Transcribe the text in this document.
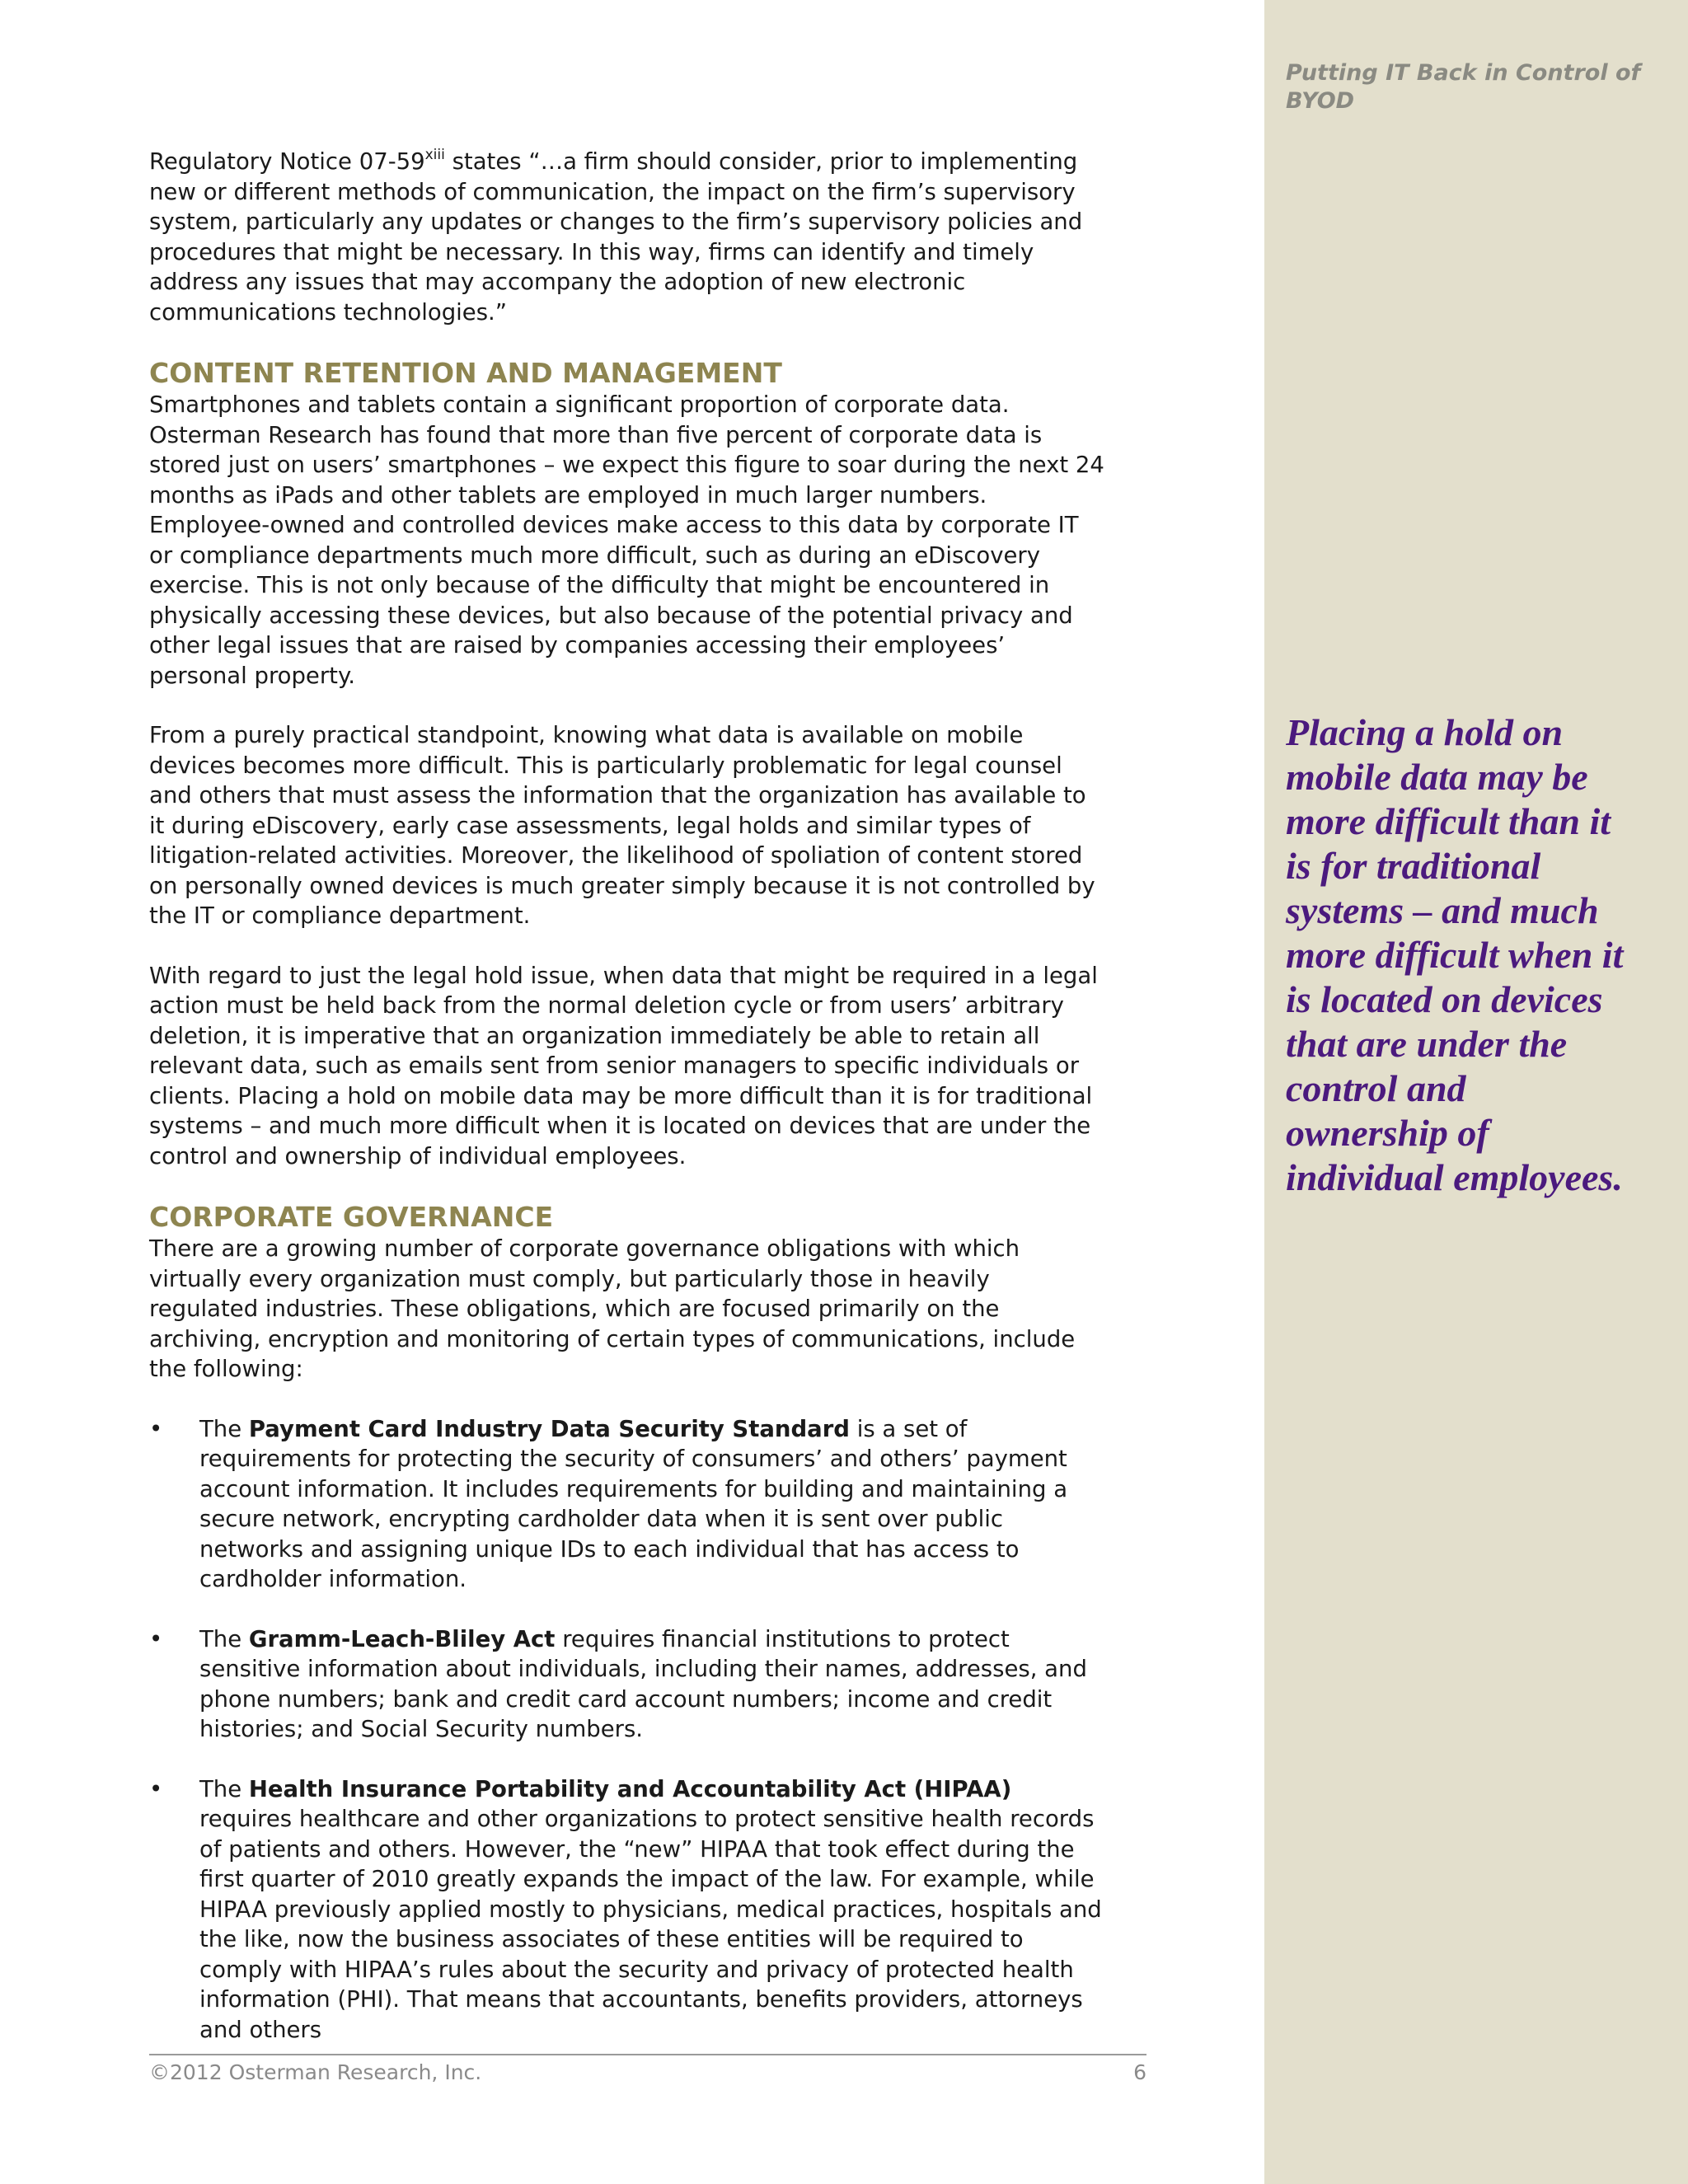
Putting IT Back in Control of BYOD
Placing a hold on mobile data may be more difficult than it is for traditional systems – and much more difficult when it is located on devices that are under the control and ownership of individual employees.

Regulatory Notice 07-59$^{xiii}$ states “…a firm should consider, prior to implementing new or different methods of communication, the impact on the firm’s supervisory system, particularly any updates or changes to the firm’s supervisory policies and procedures that might be necessary. In this way, firms can identify and timely address any issues that may accompany the adoption of new electronic communications technologies.”

CONTENT RETENTION AND MANAGEMENT

Smartphones and tablets contain a significant proportion of corporate data. Osterman Research has found that more than five percent of corporate data is stored just on users’ smartphones – we expect this figure to soar during the next 24 months as iPads and other tablets are employed in much larger numbers. Employee-owned and controlled devices make access to this data by corporate IT or compliance departments much more difficult, such as during an eDiscovery exercise. This is not only because of the difficulty that might be encountered in physically accessing these devices, but also because of the potential privacy and other legal issues that are raised by companies accessing their employees’ personal property.

From a purely practical standpoint, knowing what data is available on mobile devices becomes more difficult. This is particularly problematic for legal counsel and others that must assess the information that the organization has available to it during eDiscovery, early case assessments, legal holds and similar types of litigation-related activities. Moreover, the likelihood of spoliation of content stored on personally owned devices is much greater simply because it is not controlled by the IT or compliance department.

With regard to just the legal hold issue, when data that might be required in a legal action must be held back from the normal deletion cycle or from users’ arbitrary deletion, it is imperative that an organization immediately be able to retain all relevant data, such as emails sent from senior managers to specific individuals or clients. Placing a hold on mobile data may be more difficult than it is for traditional systems – and much more difficult when it is located on devices that are under the control and ownership of individual employees.

CORPORATE GOVERNANCE

There are a growing number of corporate governance obligations with which virtually every organization must comply, but particularly those in heavily regulated industries. These obligations, which are focused primarily on the archiving, encryption and monitoring of certain types of communications, include the following:

• The Payment Card Industry Data Security Standard is a set of requirements for protecting the security of consumers’ and others’ payment account information. It includes requirements for building and maintaining a secure network, encrypting cardholder data when it is sent over public networks and assigning unique IDs to each individual that has access to cardholder information.
• The Gramm-Leach-Bliley Act requires financial institutions to protect sensitive information about individuals, including their names, addresses, and phone numbers; bank and credit card account numbers; income and credit histories; and Social Security numbers.
• The Health Insurance Portability and Accountability Act (HIPAA) requires healthcare and other organizations to protect sensitive health records of patients and others. However, the “new” HIPAA that took effect during the first quarter of 2010 greatly expands the impact of the law. For example, while HIPAA previously applied mostly to physicians, medical practices, hospitals and the like, now the business associates of these entities will be required to comply with HIPAA’s rules about the security and privacy of protected health information (PHI). That means that accountants, benefits providers, attorneys and others
©2012 Osterman Research, Inc.	6
